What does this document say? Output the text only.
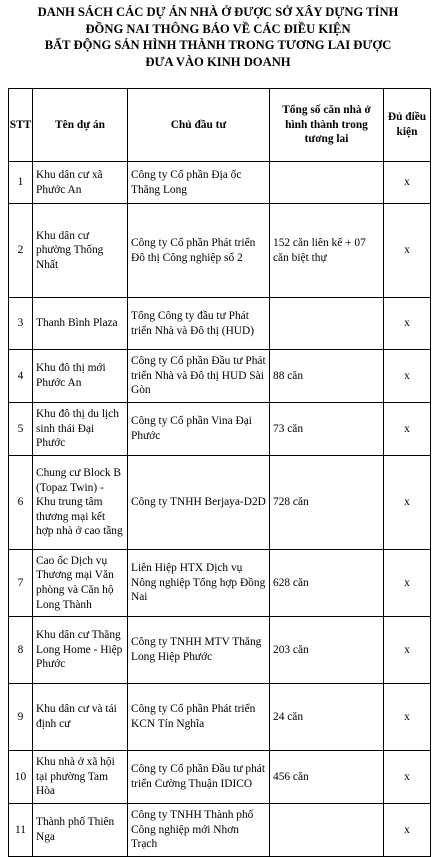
DANH SÁCH CÁC DỰ ÁN NHÀ Ở ĐƯỢC SỞ XÂY DỰNG TỈNH
ĐỒNG NAI THÔNG BÁO VỀ CÁC ĐIỀU KIỆN
BẤT ĐỘNG SẢN HÌNH THÀNH TRONG TƯƠNG LAI ĐƯỢC
ĐƯA VÀO KINH DOANH
STT	Tên dự án	Chủ đầu tư	Tổng số căn nhà ở hình thành trong tương lai	Đủ điều kiện
1	Khu dân cư xã Phước An	Công ty Cổ phần Địa ốc Thăng Long		x
2	Khu dân cư phường Thống Nhất	Công ty Cổ phần Phát triển Đô thị Công nghiệp số 2	152 căn liên kế + 07 căn biệt thự	x
3	Thanh Bình Plaza	Tổng Công ty đầu tư Phát triển Nhà và Đô thị (HUD)		x
4	Khu đô thị mới Phước An	Công ty Cổ phần Đầu tư Phát triển Nhà và Đô thị HUD Sài Gòn	88 căn	x
5	Khu đô thị du lịch sinh thái Đại Phước	Công ty Cổ phần Vina Đại Phước	73 căn	x
6	Chung cư Block B (Topaz Twin) - Khu trung tâm thương mại kết hợp nhà ở cao tầng	Công ty TNHH Berjaya-D2D	728 căn	x
7	Cao ốc Dịch vụ Thương mại Văn phòng và Căn hộ Long Thành	Liên Hiệp HTX Dịch vụ Nông nghiệp Tổng hợp Đồng Nai	628 căn	x
8	Khu dân cư Thăng Long Home - Hiệp Phước	Công ty TNHH MTV Thăng Long Hiệp Phước	203 căn	x
9	Khu dân cư và tái định cư	Công ty Cổ phần Phát triển KCN Tín Nghĩa	24 căn	x
10	Khu nhà ở xã hội tại phường Tam Hòa	Công ty Cổ phần Đầu tư phát triển Cường Thuận IDICO	456 căn	x
11	Thành phố Thiên Nga	Công ty TNHH Thành phố Công nghiệp mới Nhơn Trạch		x
